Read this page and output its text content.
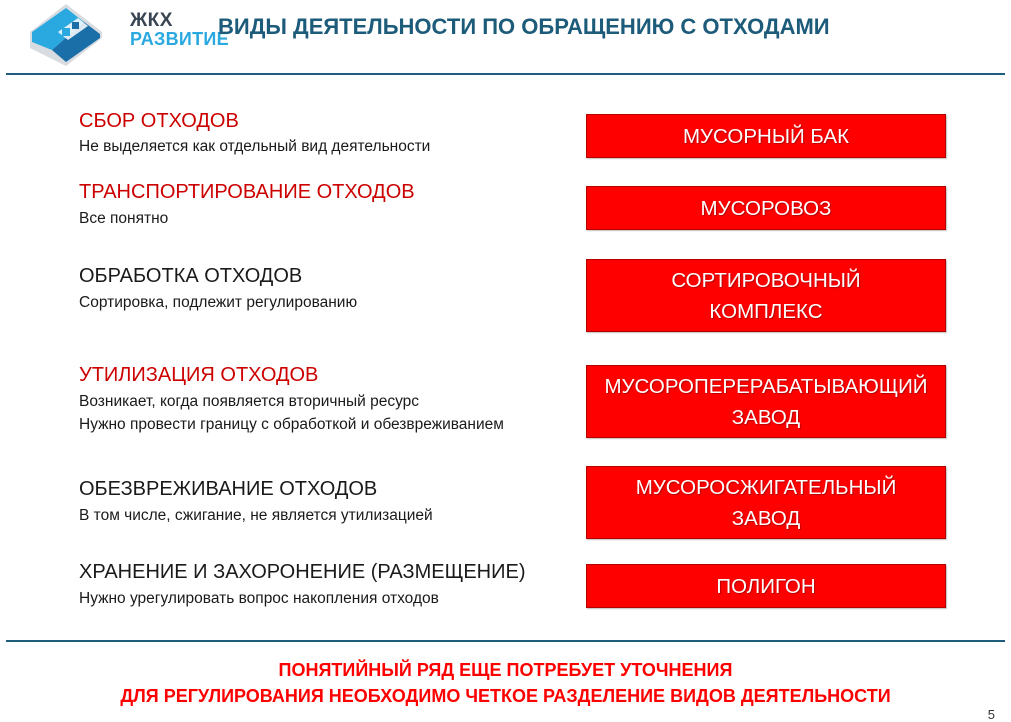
ЖКХ
РАЗВИТИЕ
ВИДЫ ДЕЯТЕЛЬНОСТИ ПО ОБРАЩЕНИЮ С ОТХОДАМИ
СБОР ОТХОДОВ
Не выделяется как отдельный вид деятельности	МУСОРНЫЙ БАК
ТРАНСПОРТИРОВАНИЕ ОТХОДОВ
Все понятно	МУСОРОВОЗ
ОБРАБОТКА ОТХОДОВ
Сортировка, подлежит регулированию
СОРТИРОВОЧНЫЙ
КОМПЛЕКС
УТИЛИЗАЦИЯ ОТХОДОВ
Возникает, когда появляется вторичный ресурс
Нужно провести границу с обработкой и обезвреживанием
МУСОРОПЕРЕРАБАТЫВАЮЩИЙ
ЗАВОД
ОБЕЗВРЕЖИВАНИЕ ОТХОДОВ
В том числе, сжигание, не является утилизацией
МУСОРОСЖИГАТЕЛЬНЫЙ
ЗАВОД
ХРАНЕНИЕ И ЗАХОРОНЕНИЕ (РАЗМЕЩЕНИЕ)
Нужно урегулировать вопрос накопления отходов
ПОЛИГОН
ПОНЯТИЙНЫЙ РЯД ЕЩЕ ПОТРЕБУЕТ УТОЧНЕНИЯ
ДЛЯ РЕГУЛИРОВАНИЯ НЕОБХОДИМО ЧЕТКОЕ РАЗДЕЛЕНИЕ ВИДОВ ДЕЯТЕЛЬНОСТИ
5
